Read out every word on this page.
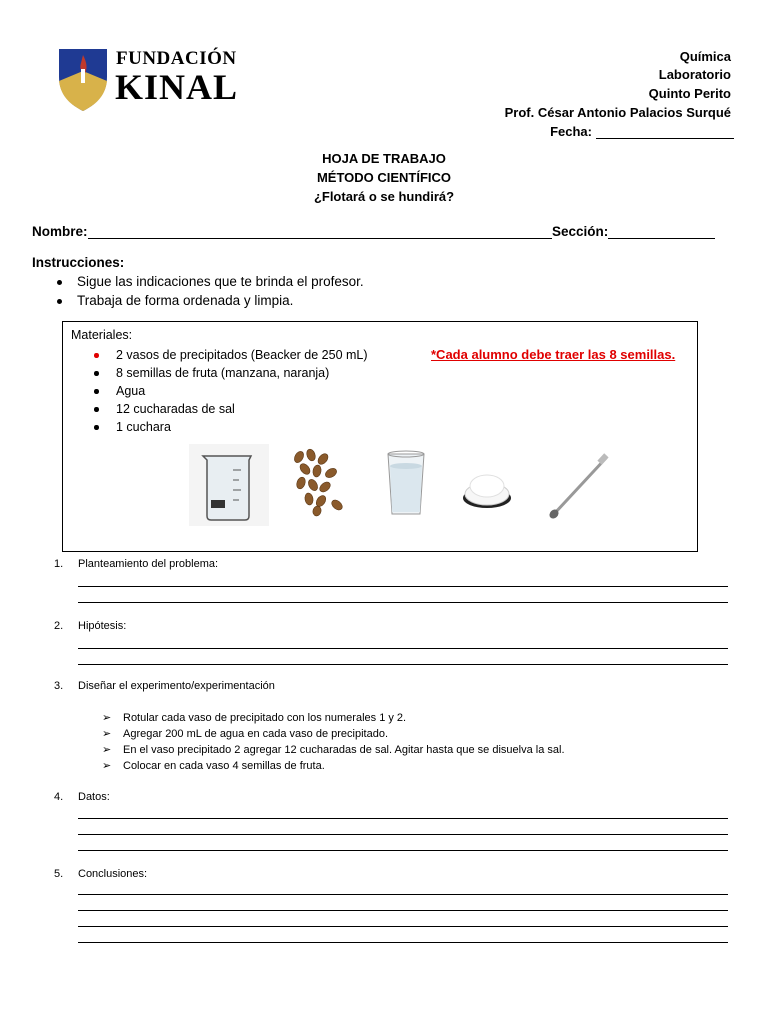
FUNDACIÓN
KINAL
Química
Laboratorio
Quinto Perito
Prof. César Antonio Palacios Surqué
Fecha:
HOJA DE TRABAJO
MÉTODO CIENTÍFICO
¿Flotará o se hundirá?
Nombre:	Sección:
Instrucciones:
Sigue las indicaciones que te brinda el profesor.
Trabaja de forma ordenada y limpia.
Materiales:
2 vasos de precipitados (Beacker de 250 mL)
8 semillas de fruta (manzana, naranja)
Agua
12 cucharadas de sal
1 cuchara
*Cada alumno debe traer las 8 semillas.
1. Planteamiento del problema:
2. Hipótesis:
3. Diseñar el experimento/experimentación
➢ Rotular cada vaso de precipitado con los numerales 1 y 2.
➢ Agregar 200 mL de agua en cada vaso de precipitado.
➢ En el vaso precipitado 2 agregar 12 cucharadas de sal. Agitar hasta que se disuelva la sal.
➢ Colocar en cada vaso 4 semillas de fruta.
4. Datos:
5. Conclusiones:
